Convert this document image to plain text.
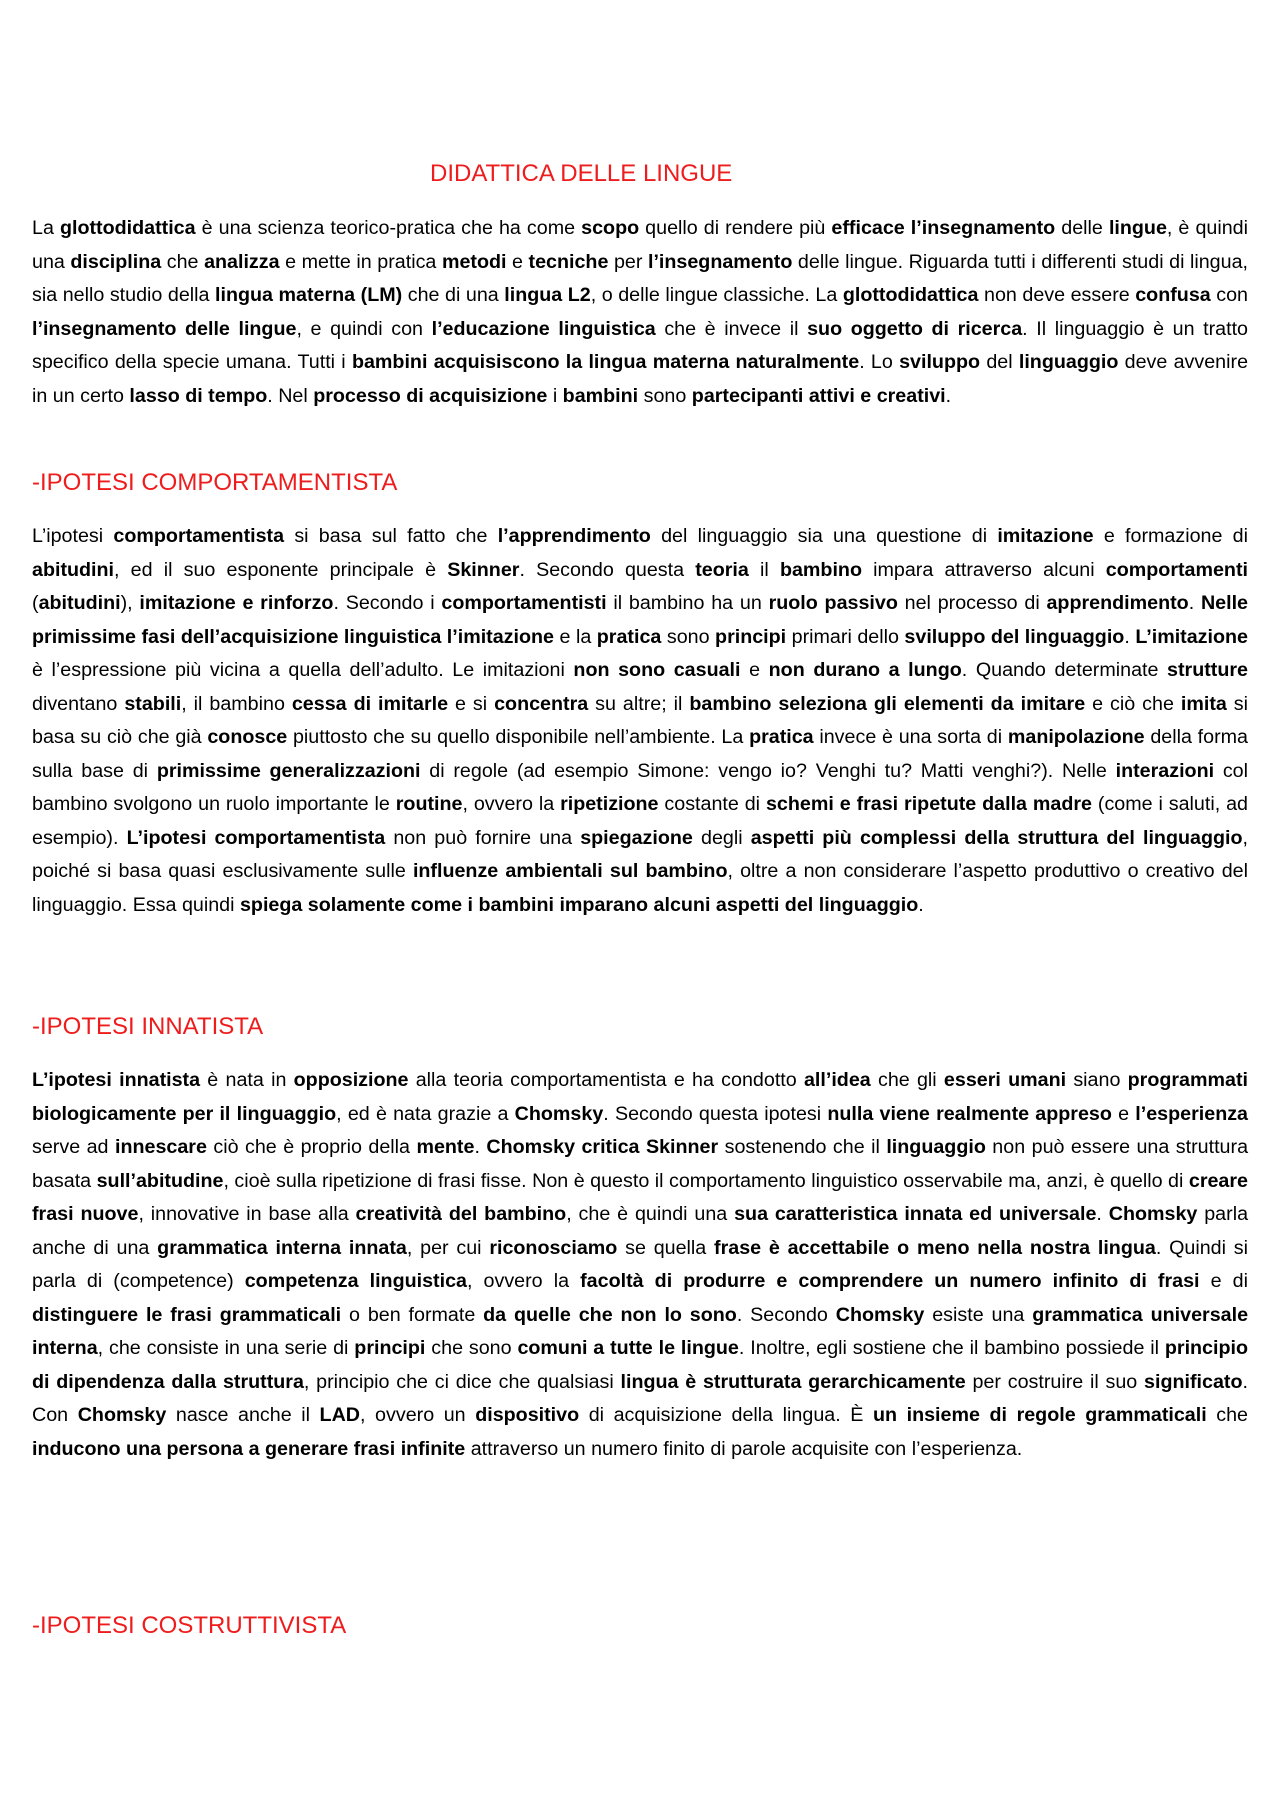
DIDATTICA DELLE LINGUE
La glottodidattica è una scienza teorico-pratica che ha come scopo quello di rendere più efficace l’insegnamento delle lingue, è quindi una disciplina che analizza e mette in pratica metodi e tecniche per l’insegnamento delle lingue. Riguarda tutti i differenti studi di lingua, sia nello studio della lingua materna (LM) che di una lingua L2, o delle lingue classiche. La glottodidattica non deve essere confusa con l’insegnamento delle lingue, e quindi con l’educazione linguistica che è invece il suo oggetto di ricerca. Il linguaggio è un tratto specifico della specie umana. Tutti i bambini acquisiscono la lingua materna naturalmente. Lo sviluppo del linguaggio deve avvenire in un certo lasso di tempo. Nel processo di acquisizione i bambini sono partecipanti attivi e creativi.
-IPOTESI COMPORTAMENTISTA
L’ipotesi comportamentista si basa sul fatto che l’apprendimento del linguaggio sia una questione di imitazione e formazione di abitudini, ed il suo esponente principale è Skinner. Secondo questa teoria il bambino impara attraverso alcuni comportamenti (abitudini), imitazione e rinforzo. Secondo i comportamentisti il bambino ha un ruolo passivo nel processo di apprendimento. Nelle primissime fasi dell’acquisizione linguistica l’imitazione e la pratica sono principi primari dello sviluppo del linguaggio. L’imitazione è l’espressione più vicina a quella dell’adulto. Le imitazioni non sono casuali e non durano a lungo. Quando determinate strutture diventano stabili, il bambino cessa di imitarle e si concentra su altre; il bambino seleziona gli elementi da imitare e ciò che imita si basa su ciò che già conosce piuttosto che su quello disponibile nell’ambiente. La pratica invece è una sorta di manipolazione della forma sulla base di primissime generalizzazioni di regole (ad esempio Simone: vengo io? Venghi tu? Matti venghi?). Nelle interazioni col bambino svolgono un ruolo importante le routine, ovvero la ripetizione costante di schemi e frasi ripetute dalla madre (come i saluti, ad esempio). L’ipotesi comportamentista non può fornire una spiegazione degli aspetti più complessi della struttura del linguaggio, poiché si basa quasi esclusivamente sulle influenze ambientali sul bambino, oltre a non considerare l’aspetto produttivo o creativo del linguaggio. Essa quindi spiega solamente come i bambini imparano alcuni aspetti del linguaggio.
-IPOTESI INNATISTA
L’ipotesi innatista è nata in opposizione alla teoria comportamentista e ha condotto all’idea che gli esseri umani siano programmati biologicamente per il linguaggio, ed è nata grazie a Chomsky. Secondo questa ipotesi nulla viene realmente appreso e l’esperienza serve ad innescare ciò che è proprio della mente. Chomsky critica Skinner sostenendo che il linguaggio non può essere una struttura basata sull’abitudine, cioè sulla ripetizione di frasi fisse. Non è questo il comportamento linguistico osservabile ma, anzi, è quello di creare frasi nuove, innovative in base alla creatività del bambino, che è quindi una sua caratteristica innata ed universale. Chomsky parla anche di una grammatica interna innata, per cui riconosciamo se quella frase è accettabile o meno nella nostra lingua. Quindi si parla di (competence) competenza linguistica, ovvero la facoltà di produrre e comprendere un numero infinito di frasi e di distinguere le frasi grammaticali o ben formate da quelle che non lo sono. Secondo Chomsky esiste una grammatica universale interna, che consiste in una serie di principi che sono comuni a tutte le lingue. Inoltre, egli sostiene che il bambino possiede il principio di dipendenza dalla struttura, principio che ci dice che qualsiasi lingua è strutturata gerarchicamente per costruire il suo significato. Con Chomsky nasce anche il LAD, ovvero un dispositivo di acquisizione della lingua. È un insieme di regole grammaticali che inducono una persona a generare frasi infinite attraverso un numero finito di parole acquisite con l’esperienza.
-IPOTESI COSTRUTTIVISTA
